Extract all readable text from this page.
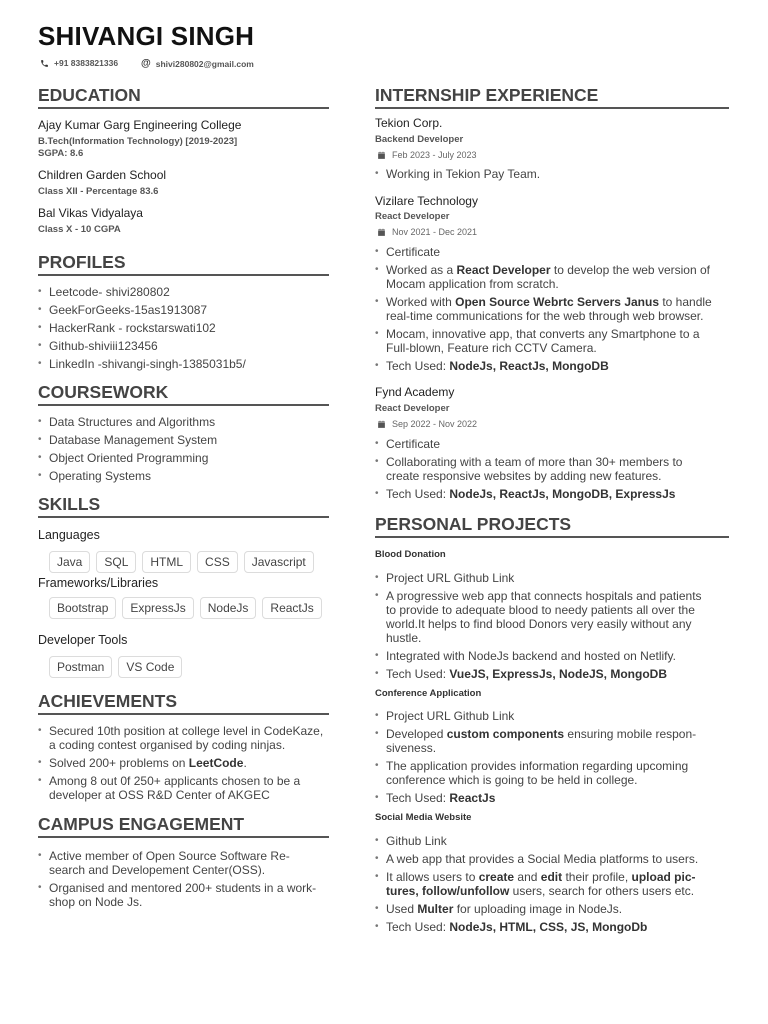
SHIVANGI SINGH
+91 8383821336 @ shivi280802@gmail.com
EDUCATION
Ajay Kumar Garg Engineering College
B.Tech(Information Technology) [2019-2023]
SGPA: 8.6
Children Garden School
Class XII - Percentage 83.6
Bal Vikas Vidyalaya
Class X - 10 CGPA
PROFILES
• Leetcode- shivi280802
• GeekForGeeks-15as1913087
• HackerRank - rockstarswati102
• Github-shiviii123456
• LinkedIn -shivangi-singh-1385031b5/
COURSEWORK
• Data Structures and Algorithms
• Database Management System
• Object Oriented Programming
• Operating Systems
SKILLS
Languages
Java	SQL	HTML	CSS	Javascript
Frameworks/Libraries
Bootstrap	ExpressJs	NodeJs	ReactJs
Developer Tools
Postman	VS Code
ACHIEVEMENTS
• Secured 10th position at college level in CodeKaze,
a coding contest organised by coding ninjas.
• Solved 200+ problems on LeetCode.
• Among 8 out 0f 250+ applicants chosen to be a
developer at OSS R&D Center of AKGEC
CAMPUS ENGAGEMENT
• Active member of Open Source Software Re-
search and Developement Center(OSS).
• Organised and mentored 200+ students in a work-
shop on Node Js.
INTERNSHIP EXPERIENCE
Tekion Corp.
Backend Developer
Feb 2023 - July 2023
• Working in Tekion Pay Team.
Vizilare Technology
React Developer
Nov 2021 - Dec 2021
• Certificate
• Worked as a React Developer to develop the web version of
Mocam application from scratch.
• Worked with Open Source Webrtc Servers Janus to handle
real-time communications for the web through web browser.
• Mocam, innovative app, that converts any Smartphone to a
Full-blown, Feature rich CCTV Camera.
• Tech Used: NodeJs, ReactJs, MongoDB
Fynd Academy
React Developer
Sep 2022 - Nov 2022
• Certificate
• Collaborating with a team of more than 30+ members to
create responsive websites by adding new features.
• Tech Used: NodeJs, ReactJs, MongoDB, ExpressJs
PERSONAL PROJECTS
Blood Donation
• Project URL Github Link
• A progressive web app that connects hospitals and patients
to provide to adequate blood to needy patients all over the
world.It helps to find blood Donors very easily without any
hustle.
• Integrated with NodeJs backend and hosted on Netlify.
• Tech Used: VueJS, ExpressJs, NodeJS, MongoDB
Conference Application
• Project URL Github Link
• Developed custom components ensuring mobile respon-
siveness.
• The application provides information regarding upcoming
conference which is going to be held in college.
• Tech Used: ReactJs
Social Media Website
• Github Link
• A web app that provides a Social Media platforms to users.
• It allows users to create and edit their profile, upload pic-
tures, follow/unfollow users, search for others users etc.
• Used Multer for uploading image in NodeJs.
• Tech Used: NodeJs, HTML, CSS, JS, MongoDb
